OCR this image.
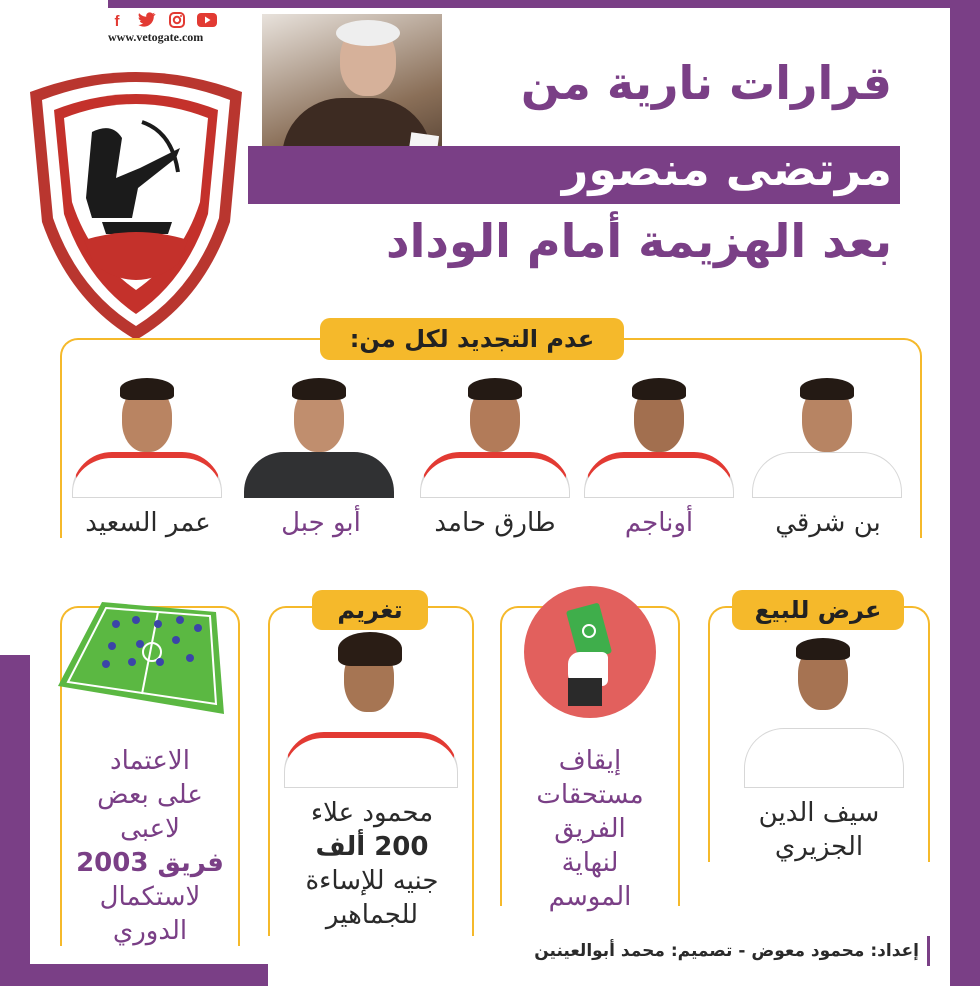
f
www.vetogate.com
قرارات نارية من
مرتضى منصور
بعد الهزيمة أمام الوداد
عدم التجديد لكل من:
بن شرقي
أوناجم
طارق حامد
أبو جبل
عمر السعيد
عرض للبيع
سيف الدين
الجزيري
إيقاف
مستحقات
الفريق
لنهاية
الموسم
تغريم
محمود علاء
200 ألف
جنيه للإساءة
للجماهير
الاعتماد
على بعض
لاعبى
فريق 2003
لاستكمال
الدوري
إعداد: محمود معوض - تصميم: محمد أبوالعينين
